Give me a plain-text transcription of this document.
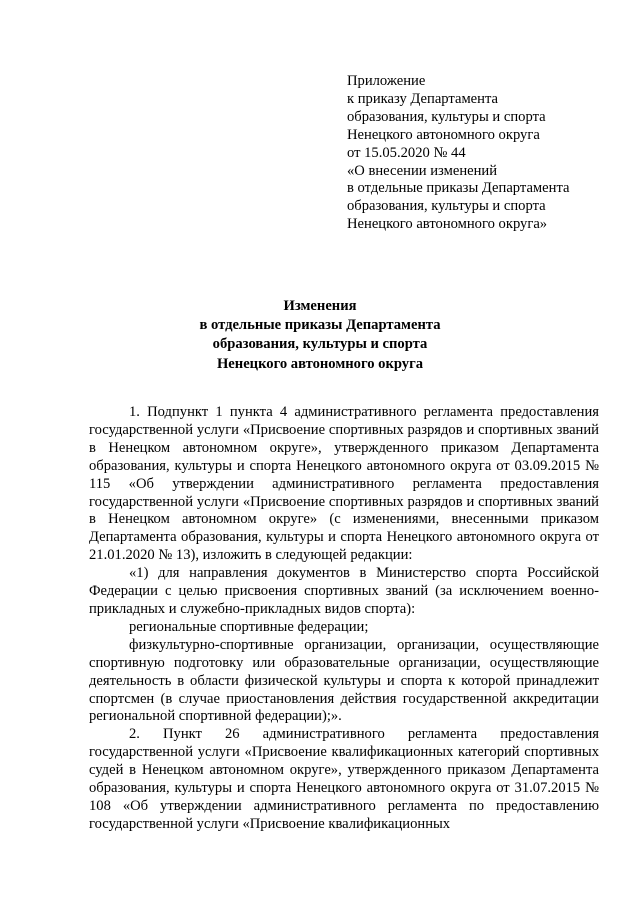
Приложение
к приказу Департамента
образования, культуры и спорта
Ненецкого автономного округа
от 15.05.2020 № 44
«О внесении изменений
в отдельные приказы Департамента
образования, культуры и спорта
Ненецкого автономного округа»
Изменения
в отдельные приказы Департамента
образования, культуры и спорта
Ненецкого автономного округа

1. Подпункт 1 пункта 4 административного регламента предоставления государственной услуги «Присвоение спортивных разрядов и спортивных званий в Ненецком автономном округе», утвержденного приказом Департамента образования, культуры и спорта Ненецкого автономного округа от 03.09.2015 № 115 «Об утверждении административного регламента предоставления государственной услуги «Присвоение спортивных разрядов и спортивных званий в Ненецком автономном округе» (с изменениями, внесенными приказом Департамента образования, культуры и спорта Ненецкого автономного округа от 21.01.2020 № 13), изложить в следующей редакции:

«1) для направления документов в Министерство спорта Российской Федерации с целью присвоения спортивных званий (за исключением военно-прикладных и служебно-прикладных видов спорта):

региональные спортивные федерации;

физкультурно-спортивные организации, организации, осуществляющие спортивную подготовку или образовательные организации, осуществляющие деятельность в области физической культуры и спорта к которой принадлежит спортсмен (в случае приостановления действия государственной аккредитации региональной спортивной федерации);».

2. Пункт 26 административного регламента предоставления государственной услуги «Присвоение квалификационных категорий спортивных судей в Ненецком автономном округе», утвержденного приказом Департамента образования, культуры и спорта Ненецкого автономного округа от 31.07.2015 № 108 «Об утверждении административного регламента по предоставлению государственной услуги «Присвоение квалификационных
